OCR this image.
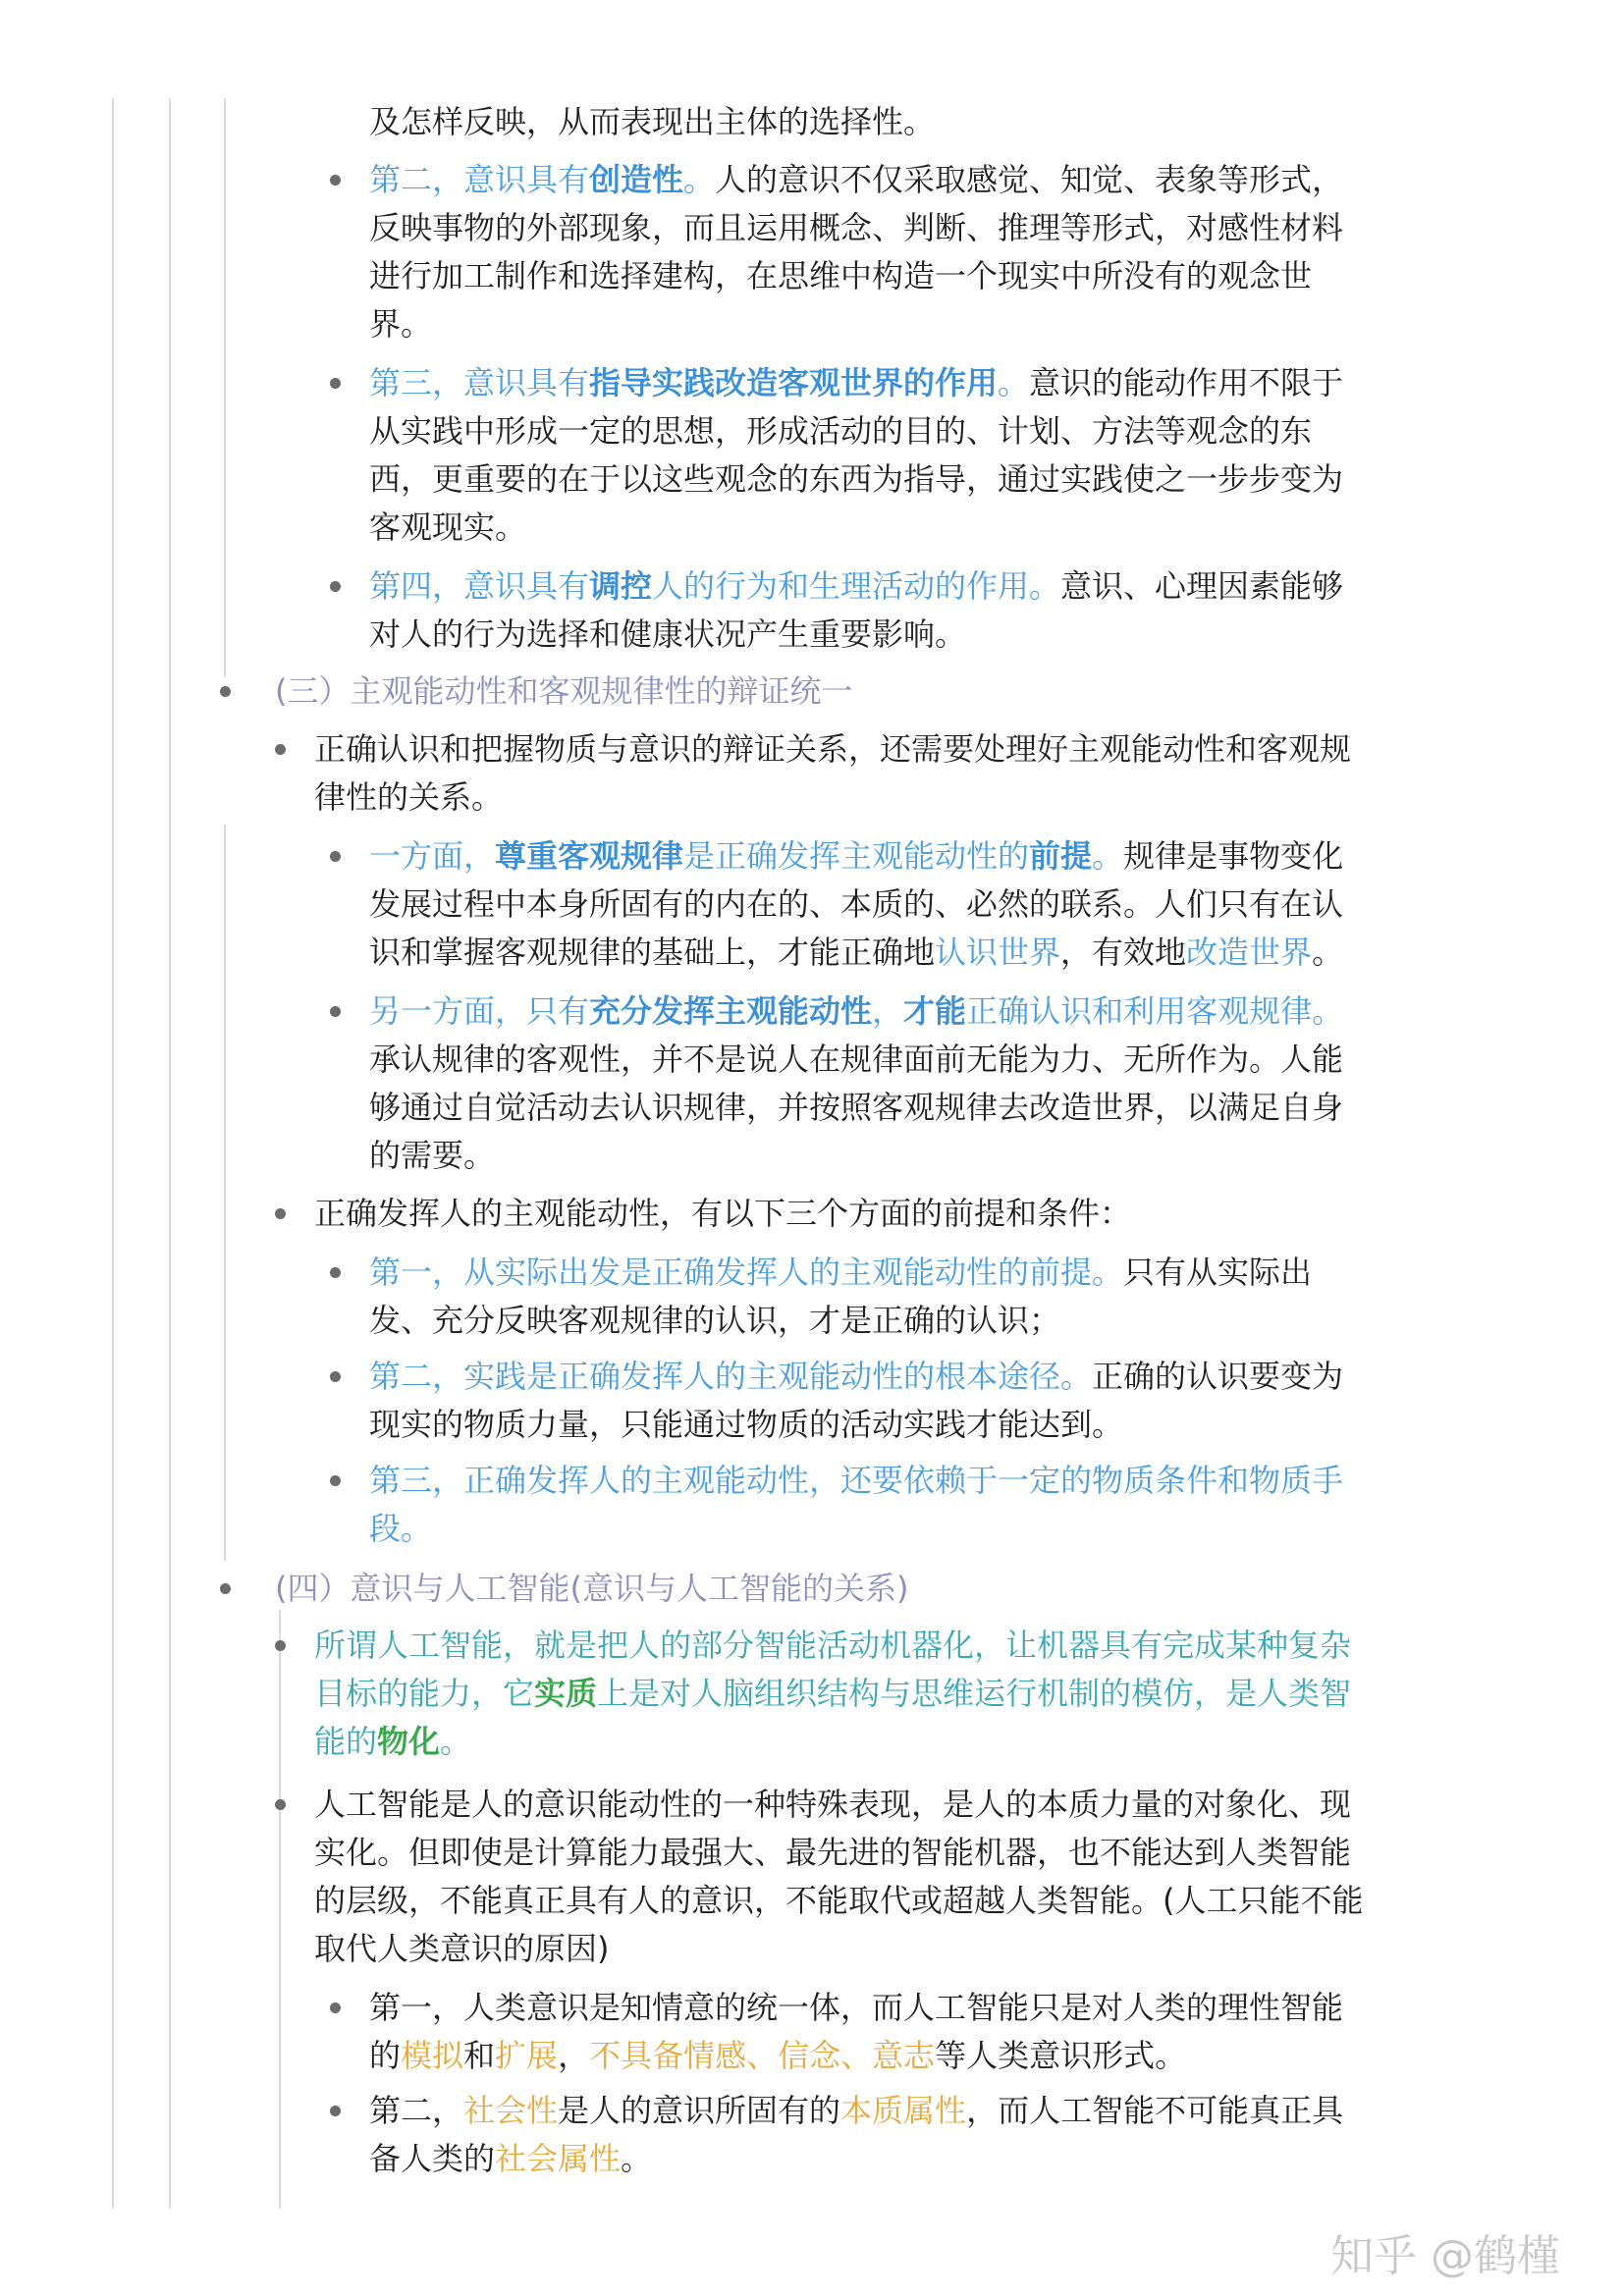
及怎样反映，从而表现出主体的选择性。
第二，意识具有创造性。人的意识不仅采取感觉、知觉、表象等形式，
反映事物的外部现象，而且运用概念、判断、推理等形式，对感性材料
进行加工制作和选择建构，在思维中构造一个现实中所没有的观念世
界。
第三，意识具有指导实践改造客观世界的作用。意识的能动作用不限于
从实践中形成一定的思想，形成活动的目的、计划、方法等观念的东
西，更重要的在于以这些观念的东西为指导，通过实践使之一步步变为
客观现实。
第四，意识具有调控人的行为和生理活动的作用。意识、心理因素能够
对人的行为选择和健康状况产生重要影响。
(三）主观能动性和客观规律性的辩证统一
正确认识和把握物质与意识的辩证关系，还需要处理好主观能动性和客观规
律性的关系。
一方面，尊重客观规律是正确发挥主观能动性的前提。规律是事物变化
发展过程中本身所固有的内在的、本质的、必然的联系。人们只有在认
识和掌握客观规律的基础上，才能正确地认识世界，有效地改造世界。
另一方面，只有充分发挥主观能动性，才能正确认识和利用客观规律。
承认规律的客观性，并不是说人在规律面前无能为力、无所作为。人能
够通过自觉活动去认识规律，并按照客观规律去改造世界，以满足自身
的需要。
正确发挥人的主观能动性，有以下三个方面的前提和条件：
第一，从实际出发是正确发挥人的主观能动性的前提。只有从实际出
发、充分反映客观规律的认识，才是正确的认识；
第二，实践是正确发挥人的主观能动性的根本途径。正确的认识要变为
现实的物质力量，只能通过物质的活动实践才能达到。
第三，正确发挥人的主观能动性，还要依赖于一定的物质条件和物质手
段。
(四）意识与人工智能(意识与人工智能的关系)
所谓人工智能，就是把人的部分智能活动机器化，让机器具有完成某种复杂
目标的能力，它实质上是对人脑组织结构与思维运行机制的模仿，是人类智
能的物化。
人工智能是人的意识能动性的一种特殊表现，是人的本质力量的对象化、现
实化。但即使是计算能力最强大、最先进的智能机器，也不能达到人类智能
的层级，不能真正具有人的意识，不能取代或超越人类智能。(人工只能不能
取代人类意识的原因)
第一，人类意识是知情意的统一体，而人工智能只是对人类的理性智能
的模拟和扩展，不具备情感、信念、意志等人类意识形式。
第二，社会性是人的意识所固有的本质属性，而人工智能不可能真正具
备人类的社会属性。
知乎 @鹤槿
